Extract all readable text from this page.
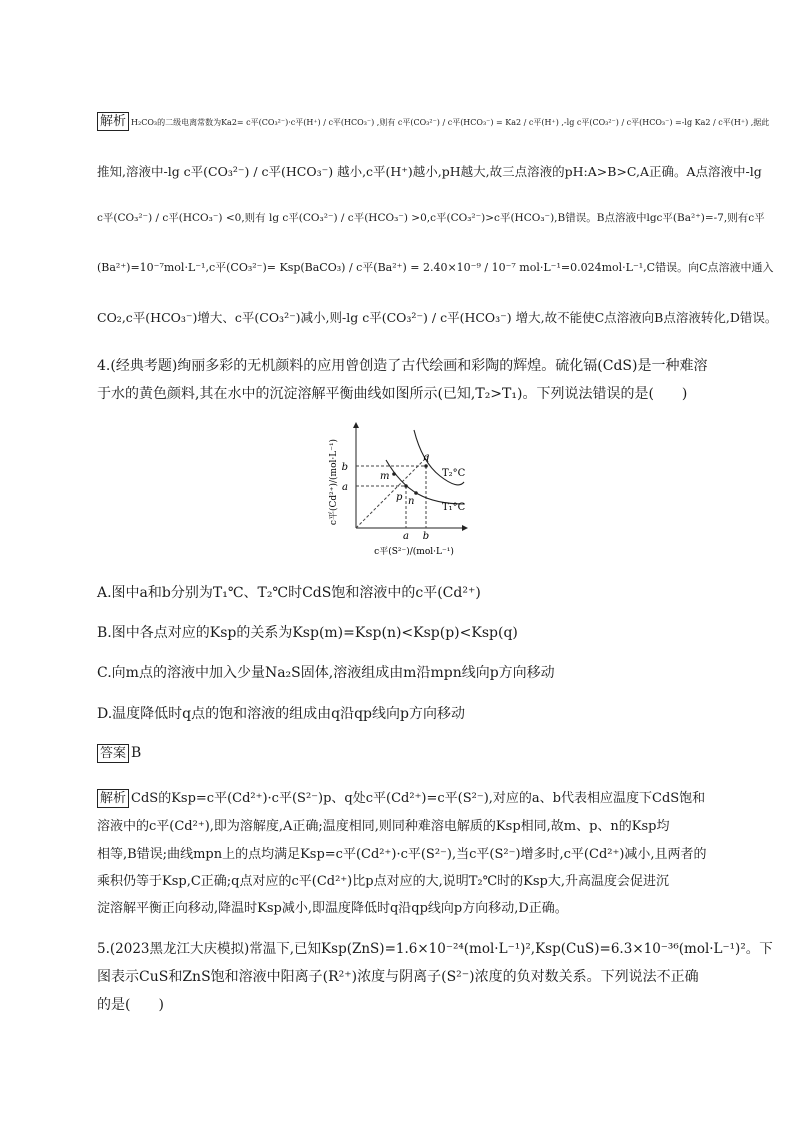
解析 H₂CO₃的二级电离常数为Ka2= c平(CO₃²⁻)·c平(H⁺) / c平(HCO₃⁻) ,则有 c平(CO₃²⁻) / c平(HCO₃⁻) = Ka2 / c平(H⁺) ,-lg c平(CO₃²⁻) / c平(HCO₃⁻) =-lg Ka2 / c平(H⁺) ,据此
推知,溶液中-lg c平(CO₃²⁻) / c平(HCO₃⁻) 越小,c平(H⁺)越小,pH越大,故三点溶液的pH:A>B>C,A正确。A点溶液中-lg
c平(CO₃²⁻) / c平(HCO₃⁻) <0,则有 lg c平(CO₃²⁻) / c平(HCO₃⁻) >0,c平(CO₃²⁻)>c平(HCO₃⁻),B错误。B点溶液中lgc平(Ba²⁺)=-7,则有c平
(Ba²⁺)=10⁻⁷mol·L⁻¹,c平(CO₃²⁻)= Ksp(BaCO₃) / c平(Ba²⁺) = 2.40×10⁻⁹ / 10⁻⁷ mol·L⁻¹=0.024mol·L⁻¹,C错误。向C点溶液中通入
CO₂,c平(HCO₃⁻)增大、c平(CO₃²⁻)减小,则-lg c平(CO₃²⁻) / c平(HCO₃⁻) 增大,故不能使C点溶液向B点溶液转化,D错误。
4.(经典考题)绚丽多彩的无机颜料的应用曾创造了古代绘画和彩陶的辉煌。硫化镉(CdS)是一种难溶
于水的黄色颜料,其在水中的沉淀溶解平衡曲线如图所示(已知,T₂>T₁)。下列说法错误的是(　　)
b
a
a b
m
p n
q
T₂°C
T₁°C
c平(S²⁻)/(mol·L⁻¹)
c平(Cd²⁺)/(mol·L⁻¹)
A.图中a和b分别为T₁℃、T₂℃时CdS饱和溶液中的c平(Cd²⁺)
B.图中各点对应的Ksp的关系为Ksp(m)=Ksp(n)<Ksp(p)<Ksp(q)
C.向m点的溶液中加入少量Na₂S固体,溶液组成由m沿mpn线向p方向移动
D.温度降低时q点的饱和溶液的组成由q沿qp线向p方向移动
答案 B
解析 CdS的Ksp=c平(Cd²⁺)·c平(S²⁻)p、q处c平(Cd²⁺)=c平(S²⁻),对应的a、b代表相应温度下CdS饱和
溶液中的c平(Cd²⁺),即为溶解度,A正确;温度相同,则同种难溶电解质的Ksp相同,故m、p、n的Ksp均
相等,B错误;曲线mpn上的点均满足Ksp=c平(Cd²⁺)·c平(S²⁻),当c平(S²⁻)增多时,c平(Cd²⁺)减小,且两者的
乘积仍等于Ksp,C正确;q点对应的c平(Cd²⁺)比p点对应的大,说明T₂℃时的Ksp大,升高温度会促进沉
淀溶解平衡正向移动,降温时Ksp减小,即温度降低时q沿qp线向p方向移动,D正确。
5.(2023黑龙江大庆模拟)常温下,已知Ksp(ZnS)=1.6×10⁻²⁴(mol·L⁻¹)²,Ksp(CuS)=6.3×10⁻³⁶(mol·L⁻¹)²。下
图表示CuS和ZnS饱和溶液中阳离子(R²⁺)浓度与阴离子(S²⁻)浓度的负对数关系。下列说法不正确
的是(　　)
